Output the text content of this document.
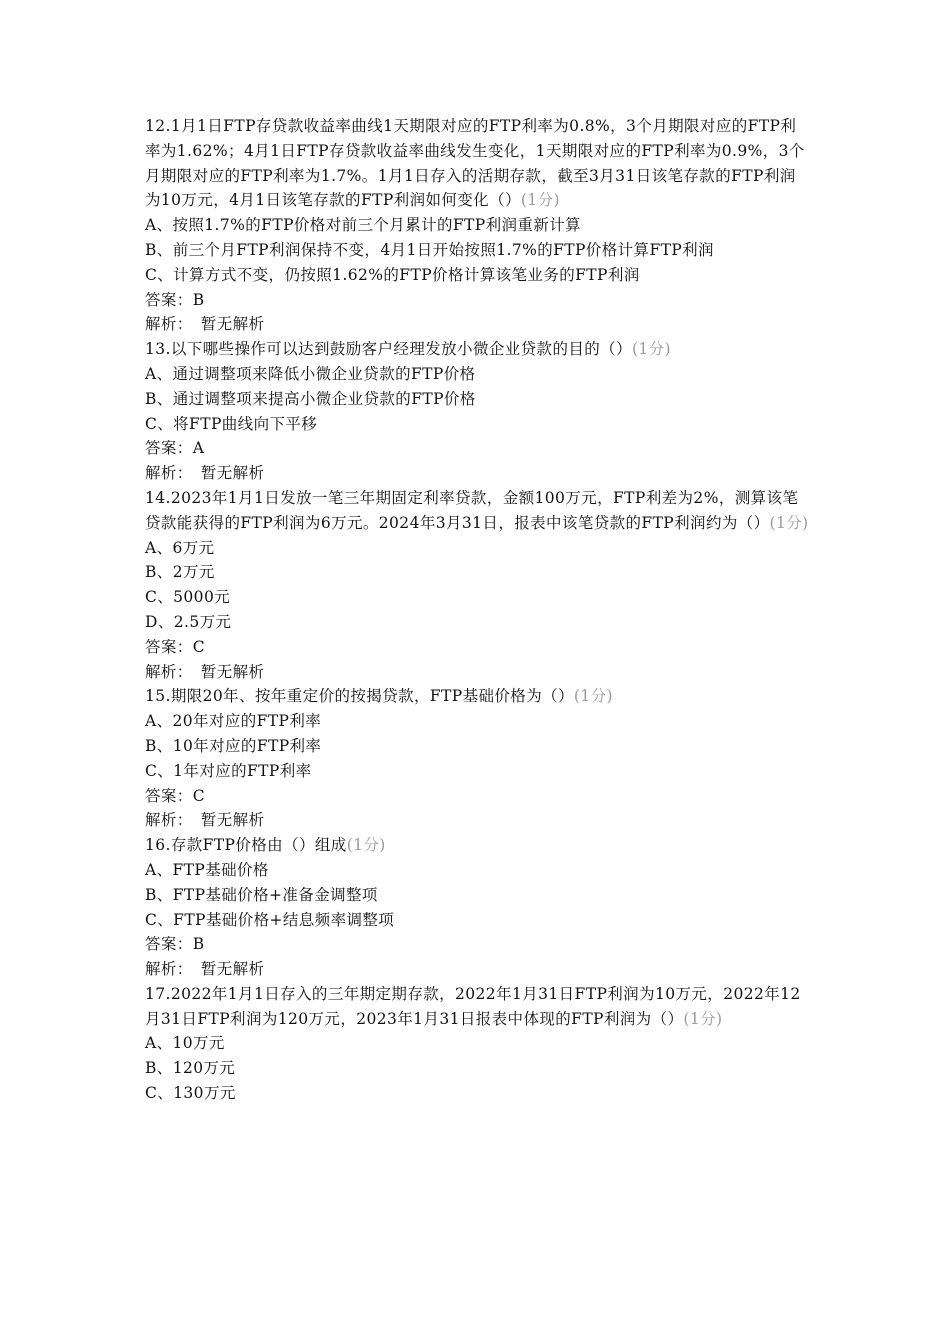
12.1月1日FTP存贷款收益率曲线1天期限对应的FTP利率为0.8%，3个月期限对应的FTP利率为1.62%；4月1日FTP存贷款收益率曲线发生变化，1天期限对应的FTP利率为0.9%，3个月期限对应的FTP利率为1.7%。1月1日存入的活期存款，截至3月31日该笔存款的FTP利润为10万元，4月1日该笔存款的FTP利润如何变化（）(1分)
A、按照1.7%的FTP价格对前三个月累计的FTP利润重新计算
B、前三个月FTP利润保持不变，4月1日开始按照1.7%的FTP价格计算FTP利润
C、计算方式不变，仍按照1.62%的FTP价格计算该笔业务的FTP利润
答案：B
解析：　暂无解析
13.以下哪些操作可以达到鼓励客户经理发放小微企业贷款的目的（）(1分)
A、通过调整项来降低小微企业贷款的FTP价格
B、通过调整项来提高小微企业贷款的FTP价格
C、将FTP曲线向下平移
答案：A
解析：　暂无解析
14.2023年1月1日发放一笔三年期固定利率贷款，金额100万元，FTP利差为2%，测算该笔贷款能获得的FTP利润为6万元。2024年3月31日，报表中该笔贷款的FTP利润约为（）(1分)
A、6万元
B、2万元
C、5000元
D、2.5万元
答案：C
解析：　暂无解析
15.期限20年、按年重定价的按揭贷款，FTP基础价格为（）(1分)
A、20年对应的FTP利率
B、10年对应的FTP利率
C、1年对应的FTP利率
答案：C
解析：　暂无解析
16.存款FTP价格由（）组成(1分)
A、FTP基础价格
B、FTP基础价格+准备金调整项
C、FTP基础价格+结息频率调整项
答案：B
解析：　暂无解析
17.2022年1月1日存入的三年期定期存款，2022年1月31日FTP利润为10万元，2022年12月31日FTP利润为120万元，2023年1月31日报表中体现的FTP利润为（）(1分)
A、10万元
B、120万元
C、130万元
